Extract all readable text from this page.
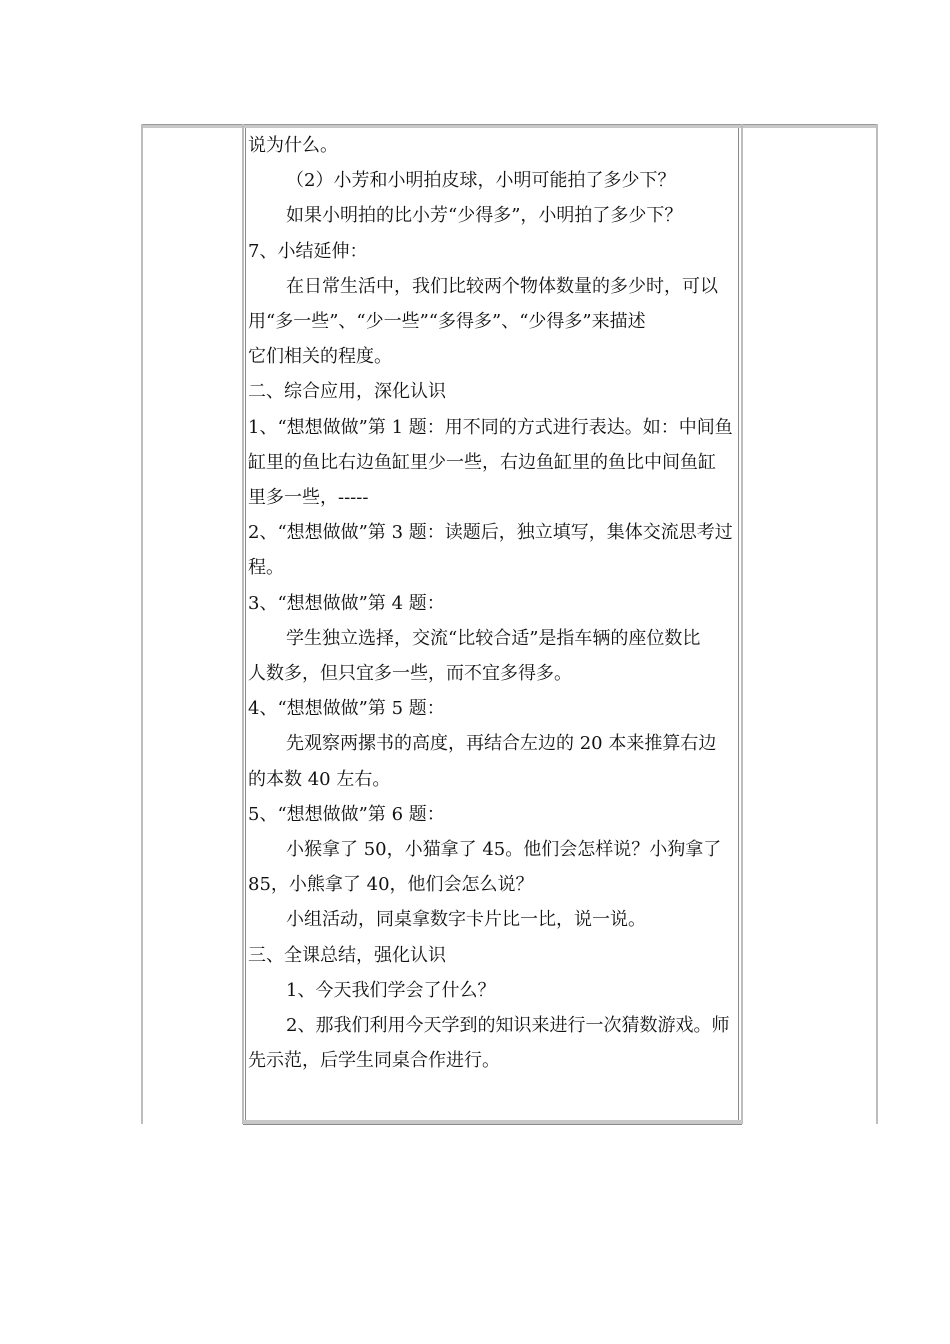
说为什么。

（2）小芳和小明拍皮球，小明可能拍了多少下？

如果小明拍的比小芳“少得多”，小明拍了多少下？

7、小结延伸：

在日常生活中，我们比较两个物体数量的多少时，可以

用“多一些”、“少一些”“多得多”、“少得多”来描述

它们相关的程度。

二、综合应用，深化认识

1、“想想做做”第 1 题：用不同的方式进行表达。如：中间鱼

缸里的鱼比右边鱼缸里少一些，右边鱼缸里的鱼比中间鱼缸

里多一些，-----

2、“想想做做”第 3 题：读题后，独立填写，集体交流思考过

程。

3、“想想做做”第 4 题：

学生独立选择，交流“比较合适”是指车辆的座位数比

人数多，但只宜多一些，而不宜多得多。

4、“想想做做”第 5 题：

先观察两摞书的高度，再结合左边的 20 本来推算右边

的本数 40 左右。

5、“想想做做”第 6 题：

小猴拿了 50，小猫拿了 45。他们会怎样说？小狗拿了

85，小熊拿了 40，他们会怎么说？

小组活动，同桌拿数字卡片比一比，说一说。

三、全课总结，强化认识

1、今天我们学会了什么？

2、那我们利用今天学到的知识来进行一次猜数游戏。师

先示范，后学生同桌合作进行。
